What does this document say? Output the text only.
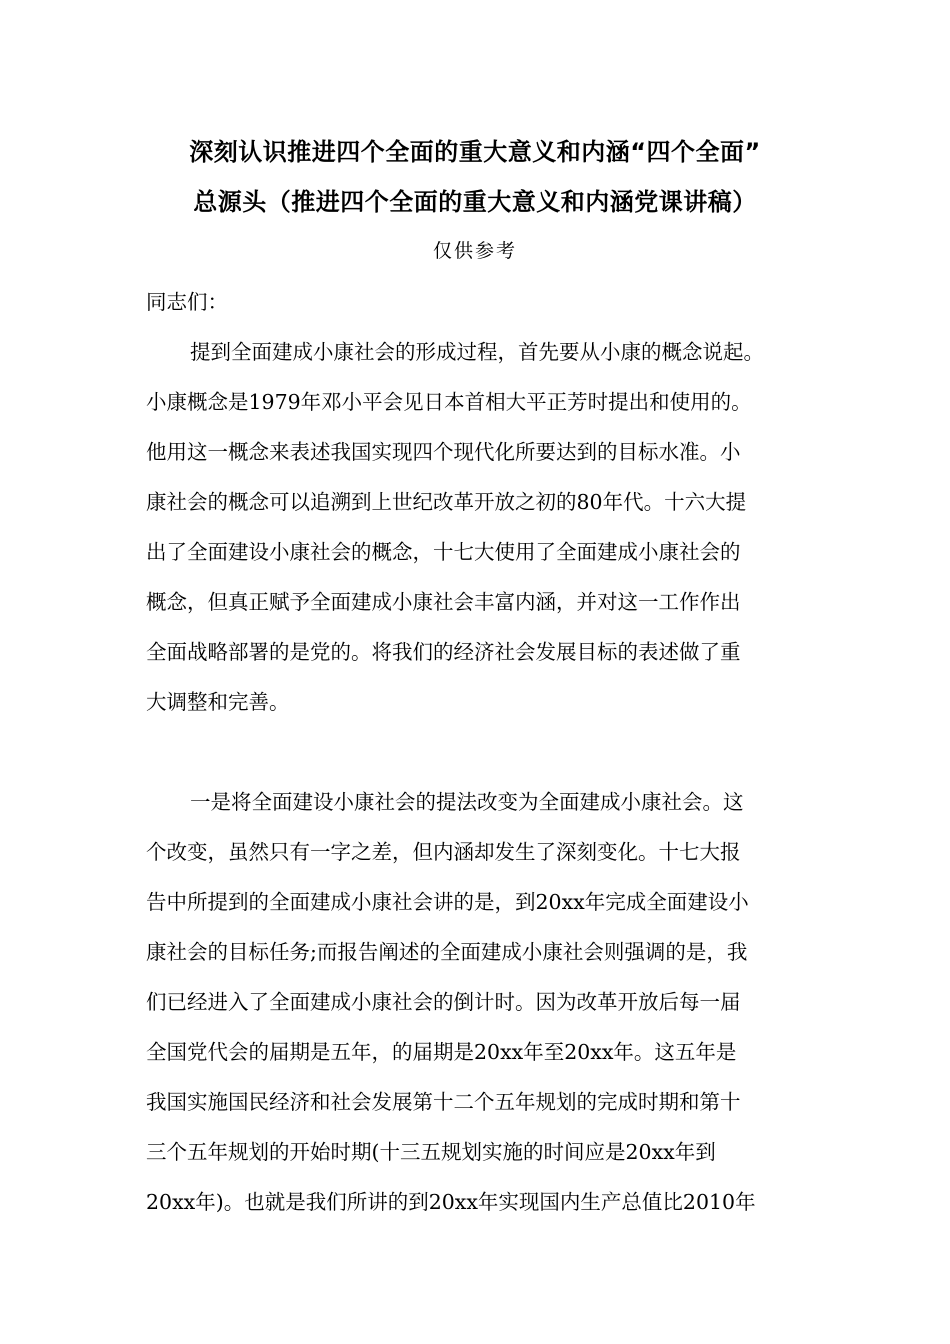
深刻认识推进四个全面的重大意义和内涵“四个全面”
总源头（推进四个全面的重大意义和内涵党课讲稿）
仅供参考
同志们：
提到全面建成小康社会的形成过程，首先要从小康的概念说起。
小康概念是1979年邓小平会见日本首相大平正芳时提出和使用的。
他用这一概念来表述我国实现四个现代化所要达到的目标水准。小
康社会的概念可以追溯到上世纪改革开放之初的80年代。十六大提
出了全面建设小康社会的概念，十七大使用了全面建成小康社会的
概念，但真正赋予全面建成小康社会丰富内涵，并对这一工作作出
全面战略部署的是党的。将我们的经济社会发展目标的表述做了重
大调整和完善。
一是将全面建设小康社会的提法改变为全面建成小康社会。这
个改变，虽然只有一字之差，但内涵却发生了深刻变化。十七大报
告中所提到的全面建成小康社会讲的是，到20xx年完成全面建设小
康社会的目标任务;而报告阐述的全面建成小康社会则强调的是，我
们已经进入了全面建成小康社会的倒计时。因为改革开放后每一届
全国党代会的届期是五年，的届期是20xx年至20xx年。这五年是
我国实施国民经济和社会发展第十二个五年规划的完成时期和第十
三个五年规划的开始时期(十三五规划实施的时间应是20xx年到
20xx年)。也就是我们所讲的到20xx年实现国内生产总值比2010年
